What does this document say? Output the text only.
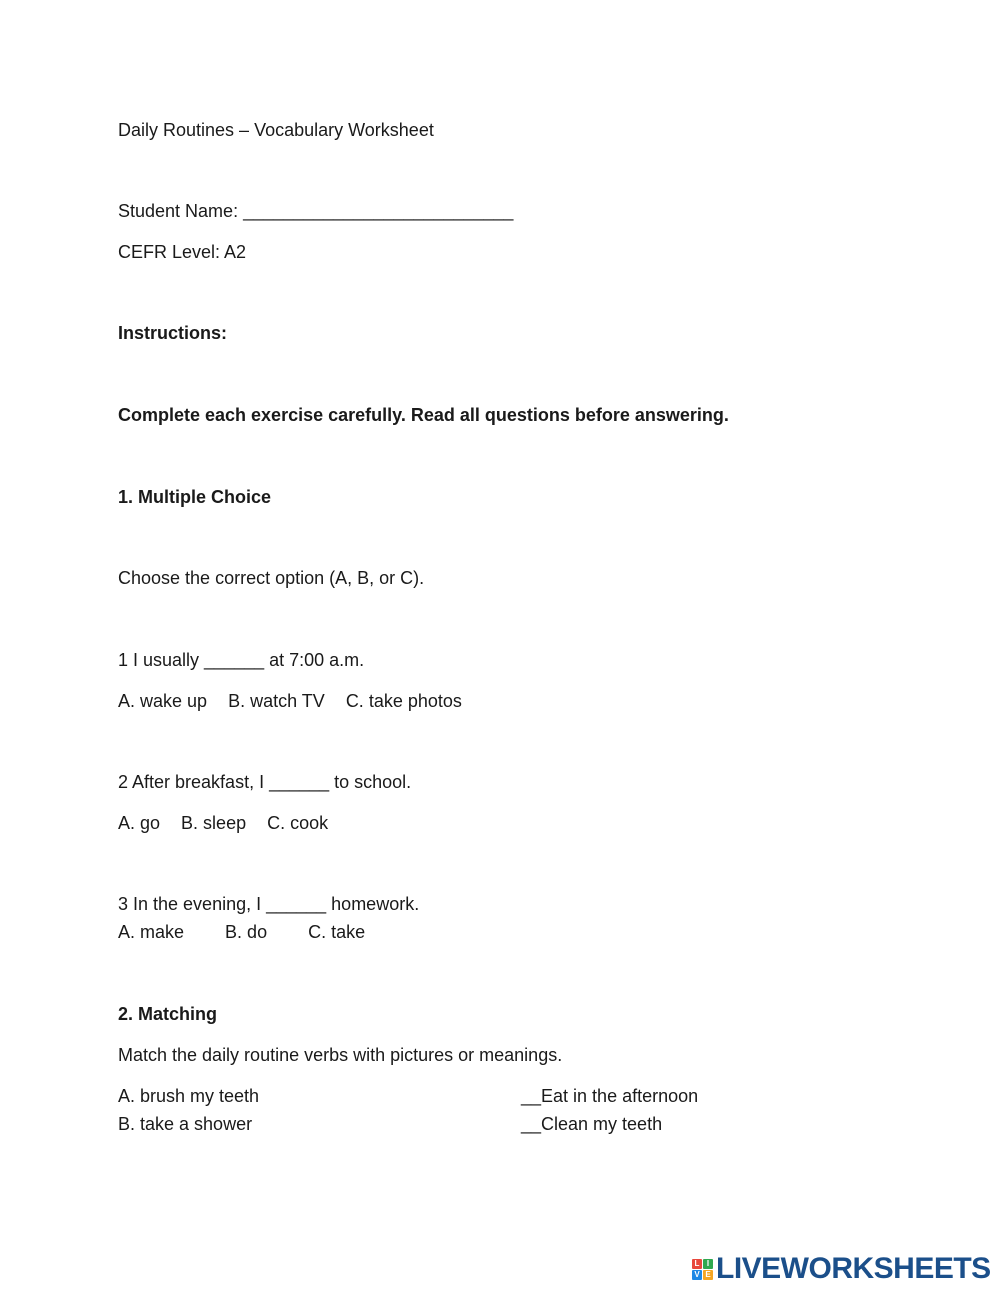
Daily Routines – Vocabulary Worksheet
Student Name: ___________________________
CEFR Level: A2
Instructions:
Complete each exercise carefully. Read all questions before answering.
1. Multiple Choice
Choose the correct option (A, B, or C).
1 I usually ______ at 7:00 a.m.
A. wake up B. watch TV C. take photos
2 After breakfast, I ______ to school.
A. go B. sleep C. cook
3 In the evening, I ______ homework.
A. make B. do C. take
2. Matching
Match the daily routine verbs with pictures or meanings.
A. brush my teeth	__Eat in the afternoon
B. take a shower	__Clean my teeth
L I
V E LIVEWORKSHEETS
